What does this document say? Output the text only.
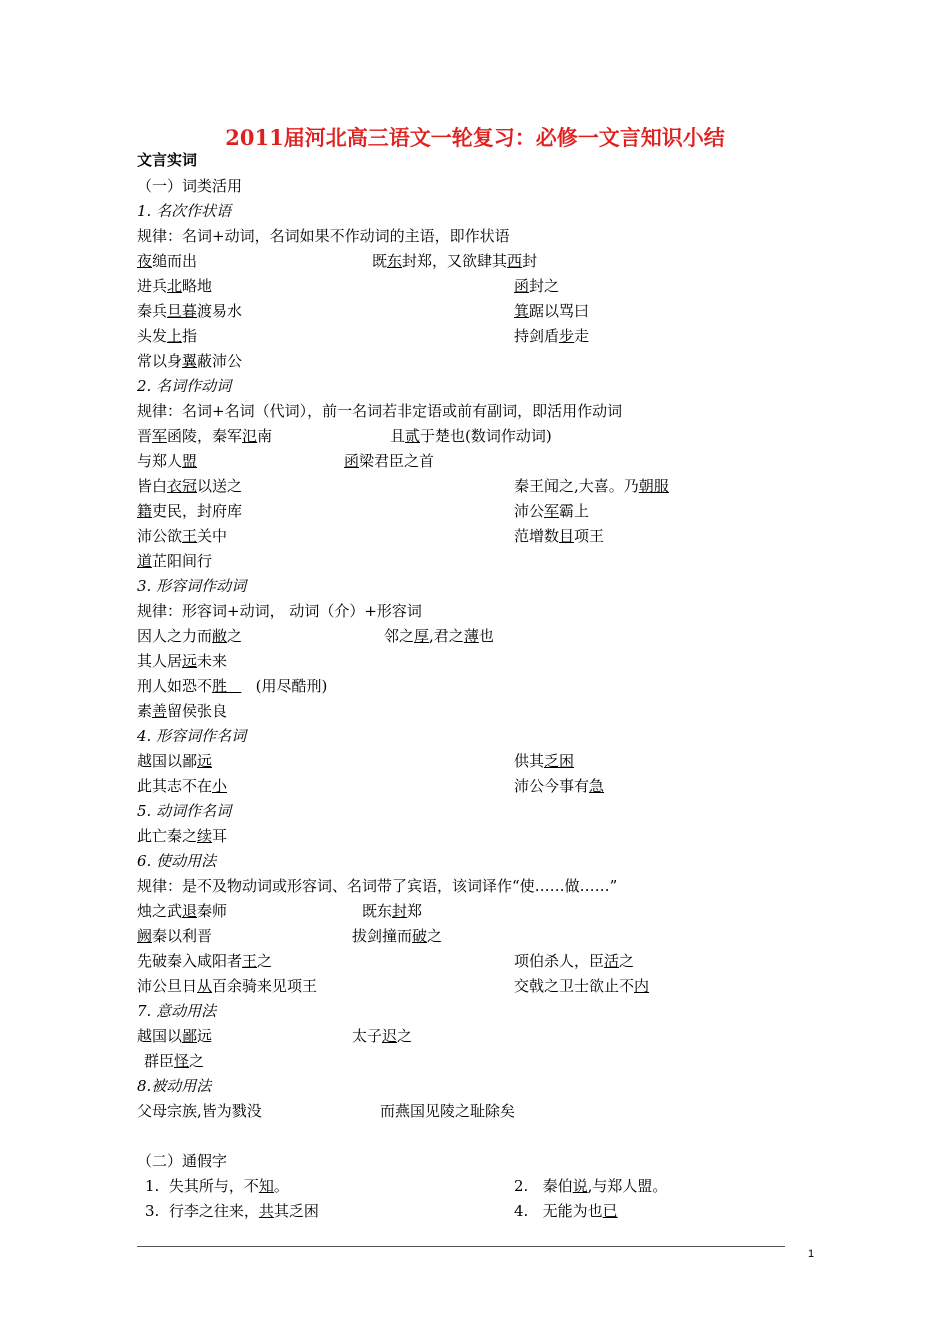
2011届河北高三语文一轮复习：必修一文言知识小结
文言实词
（一）词类活用
1. 名次作状语
规律：名词+动词，名词如果不作动词的主语，即作状语
夜缒而出	既东封郑，又欲肆其西封
进兵北略地	函封之
秦兵旦暮渡易水	箕踞以骂曰
头发上指	持剑盾步走
常以身翼蔽沛公
2. 名词作动词
规律：名词+名词（代词），前一名词若非定语或前有副词，即活用作动词
晋军函陵，秦军氾南	且贰于楚也(数词作动词)
与郑人盟	函梁君臣之首
皆白衣冠以送之	秦王闻之,大喜。乃朝服
籍吏民，封府库	沛公军霸上
沛公欲王关中	范增数目项王
道芷阳间行
3. 形容词作动词
规律：形容词+动词， 动词（介）+形容词
因人之力而敝之	邻之厚,君之薄也
其人居远未来
刑人如恐不胜      (用尽酷刑)
素善留侯张良
4. 形容词作名词
越国以鄙远	供其乏困
此其志不在小	沛公今事有急
5. 动词作名词
此亡秦之续耳
6. 使动用法
规律：是不及物动词或形容词、名词带了宾语，该词译作“使……做……”
烛之武退秦师	既东封郑
阙秦以利晋	拔剑撞而破之
先破秦入咸阳者王之	项伯杀人，臣活之
沛公旦日从百余骑来见项王	交戟之卫士欲止不内
7. 意动用法
越国以鄙远	太子迟之
群臣怪之
8.被动用法
父母宗族,皆为戮没	而燕国见陵之耻除矣
（二）通假字
1.  失其所与，不知。	2.   秦伯说,与郑人盟。
3.  行李之往来，共其乏困	4.   无能为也已
1
